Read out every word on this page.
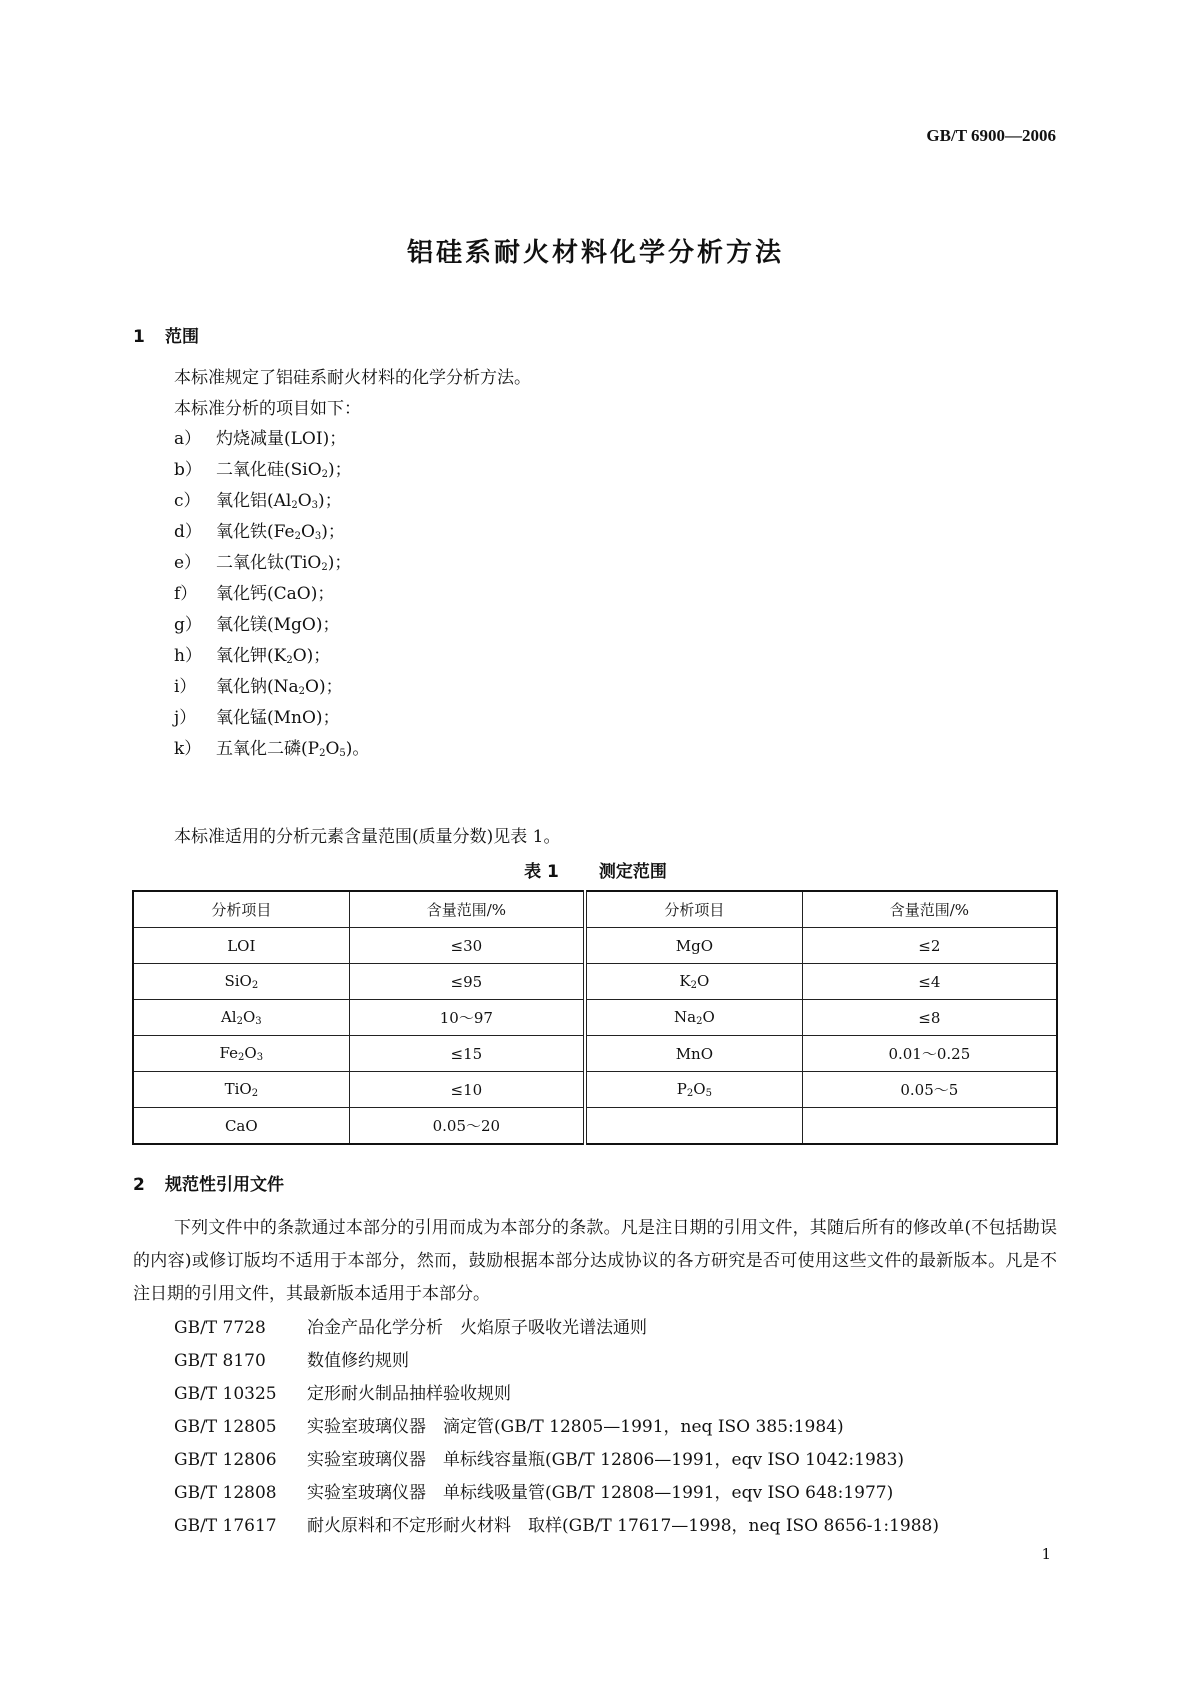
GB/T 6900—2006
铝硅系耐火材料化学分析方法
1 范围
本标准规定了铝硅系耐火材料的化学分析方法。
本标准分析的项目如下：
a） 灼烧减量(LOI)；
b） 二氧化硅(SiO$_2$)；
c） 氧化铝$(Al_2O_3)$；
d） 氧化铁$(Fe_2O_3)$；
e） 二氧化钛(TiO$_2$)；
f） 氧化钙(CaO)；
g） 氧化镁(MgO)；
h） 氧化钾$(K_2O)$；
i） 氧化钠$(Na_2O)$；
j） 氧化锰(MnO)；
k） 五氧化二磷$(P_2O_5)$。
本标准适用的分析元素含量范围(质量分数)见表 1。
表 1 测定范围
分析项目	含量范围/%	分析项目	含量范围/%
LOI	≤30	MgO	≤2
SiO$_2$	≤95	$K_2O$	≤4
$Al_2O_3$	10～97	$Na_2O$	≤8
$Fe_2O_3$	≤15	MnO	0.01～0.25
TiO$_2$	≤10	$P_2O_5$	0.05～5
CaO	0.05～20		
2 规范性引用文件

下列文件中的条款通过本部分的引用而成为本部分的条款。凡是注日期的引用文件，其随后所有的修改单(不包括勘误的内容)或修订版均不适用于本部分，然而，鼓励根据本部分达成协议的各方研究是否可使用这些文件的最新版本。凡是不注日期的引用文件，其最新版本适用于本部分。

GB/T 7728 冶金产品化学分析　火焰原子吸收光谱法通则
GB/T 8170 数值修约规则
GB/T 10325 定形耐火制品抽样验收规则
GB/T 12805 实验室玻璃仪器　滴定管(GB/T 12805—1991，neq ISO 385:1984)
GB/T 12806 实验室玻璃仪器　单标线容量瓶(GB/T 12806—1991，eqv ISO 1042:1983)
GB/T 12808 实验室玻璃仪器　单标线吸量管(GB/T 12808—1991，eqv ISO 648:1977)
GB/T 17617 耐火原料和不定形耐火材料　取样(GB/T 17617—1998，neq ISO 8656-1:1988)
1
